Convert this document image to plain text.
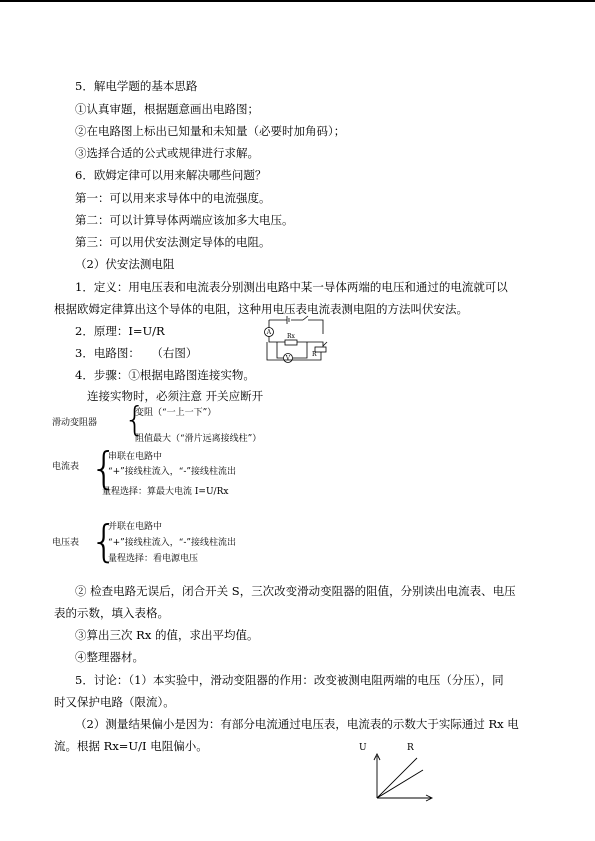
5．解电学题的基本思路
①认真审题，根据题意画出电路图；
②在电路图上标出已知量和未知量（必要时加角码）；
③选择合适的公式或规律进行求解。
6．欧姆定律可以用来解决哪些问题？
第一：可以用来求导体中的电流强度。
第二：可以计算导体两端应该加多大电压。
第三：可以用伏安法测定导体的电阻。
（2）伏安法测电阻
1．定义：用电压表和电流表分别测出电路中某一导体两端的电压和通过的电流就可以
根据欧姆定律算出这个导体的电阻，这种用电压表电流表测电阻的方法叫伏安法。
2．原理：I=U/R
3．电路图：　　（右图）
4．步骤：①根据电路图连接实物。
连接实物时，必须注意 开关应断开
A
V
Rx
R
滑动变阻器 {
变阻（“一上一下”）
阻值最大（“滑片远离接线柱”）
电流表 {
串联在电路中
“+”接线柱流入，“-”接线柱流出
量程选择：算最大电流 I=U/Rx
电压表 {
并联在电路中
“+”接线柱流入，“-”接线柱流出
量程选择：看电源电压
② 检查电路无误后，闭合开关 S，三次改变滑动变阻器的阻值，分别读出电流表、电压
表的示数，填入表格。
③算出三次 Rx 的值，求出平均值。
④整理器材。
5．讨论：（1）本实验中，滑动变阻器的作用：改变被测电阻两端的电压（分压），同
时又保护电路（限流）。
（2）测量结果偏小是因为：有部分电流通过电压表，电流表的示数大于实际通过 Rx 电
流。根据 Rx=U/I 电阻偏小。	U	R
